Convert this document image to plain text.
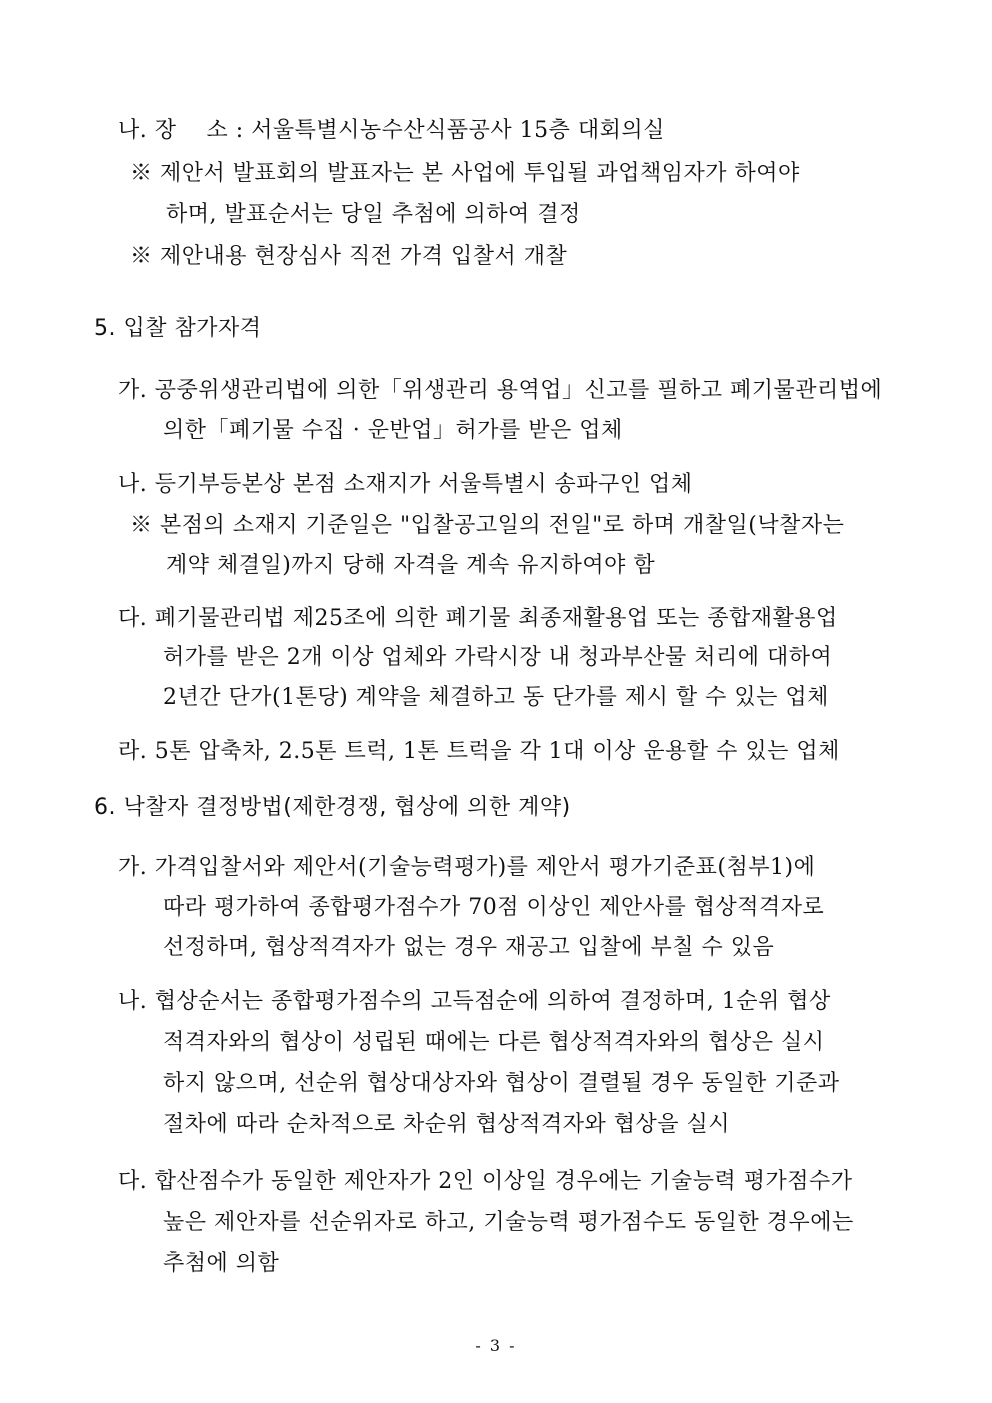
나. 장　 소 : 서울특별시농수산식품공사 15층 대회의실
※ 제안서 발표회의 발표자는 본 사업에 투입될 과업책임자가 하여야
하며, 발표순서는 당일 추첨에 의하여 결정
※ 제안내용 현장심사 직전 가격 입찰서 개찰
5. 입찰 참가자격
가. 공중위생관리법에 의한「위생관리 용역업」신고를 필하고 폐기물관리법에
의한「폐기물 수집 · 운반업」허가를 받은 업체
나. 등기부등본상 본점 소재지가 서울특별시 송파구인 업체
※ 본점의 소재지 기준일은 "입찰공고일의 전일"로 하며 개찰일(낙찰자는
계약 체결일)까지 당해 자격을 계속 유지하여야 함
다. 폐기물관리법 제25조에 의한 폐기물 최종재활용업 또는 종합재활용업
허가를 받은 2개 이상 업체와 가락시장 내 청과부산물 처리에 대하여
2년간 단가(1톤당) 계약을 체결하고 동 단가를 제시 할 수 있는 업체
라. 5톤 압축차, 2.5톤 트럭, 1톤 트럭을 각 1대 이상 운용할 수 있는 업체
6. 낙찰자 결정방법(제한경쟁, 협상에 의한 계약)
가. 가격입찰서와 제안서(기술능력평가)를 제안서 평가기준표(첨부1)에
따라 평가하여 종합평가점수가 70점 이상인 제안사를 협상적격자로
선정하며, 협상적격자가 없는 경우 재공고 입찰에 부칠 수 있음
나. 협상순서는 종합평가점수의 고득점순에 의하여 결정하며, 1순위 협상
적격자와의 협상이 성립된 때에는 다른 협상적격자와의 협상은 실시
하지 않으며, 선순위 협상대상자와 협상이 결렬될 경우 동일한 기준과
절차에 따라 순차적으로 차순위 협상적격자와 협상을 실시
다. 합산점수가 동일한 제안자가 2인 이상일 경우에는 기술능력 평가점수가
높은 제안자를 선순위자로 하고, 기술능력 평가점수도 동일한 경우에는
추첨에 의함
- 3 -
